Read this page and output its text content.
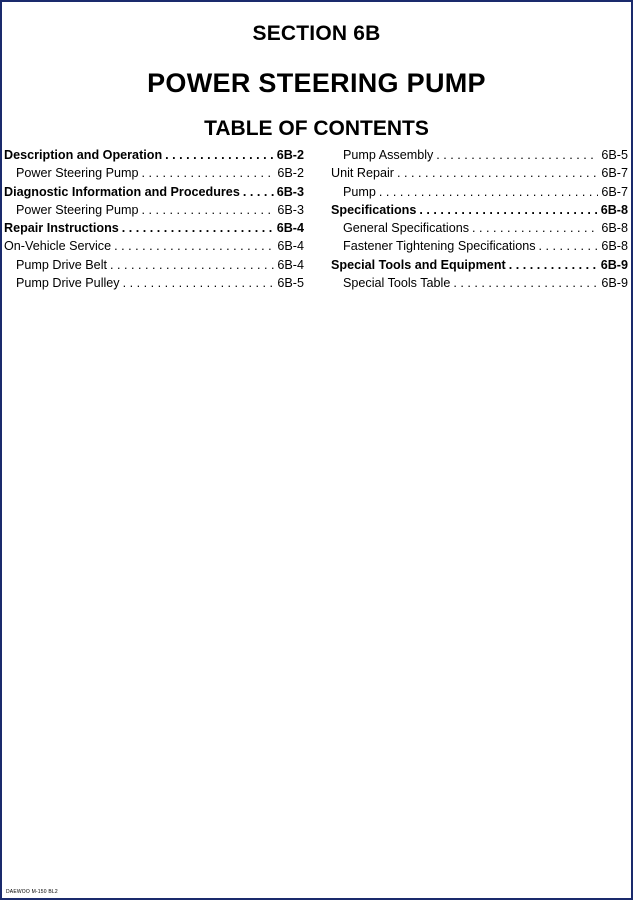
SECTION 6B
POWER STEERING PUMP
TABLE OF CONTENTS
Description and Operation . . .	6B-2
Power Steering Pump . . .	6B-2
Diagnostic Information and Procedures . . .	6B-3
Power Steering Pump . . .	6B-3
Repair Instructions . . .	6B-4
On-Vehicle Service . . .	6B-4
Pump Drive Belt . . .	6B-4
Pump Drive Pulley . . .	6B-5
Pump Assembly . . .	6B-5
Unit Repair . . .	6B-7
Pump . . .	6B-7
Specifications . . .	6B-8
General Specifications . . .	6B-8
Fastener Tightening Specifications . . .	6B-8
Special Tools and Equipment . . .	6B-9
Special Tools Table . . .	6B-9
DAEWOO M-150 BL2
